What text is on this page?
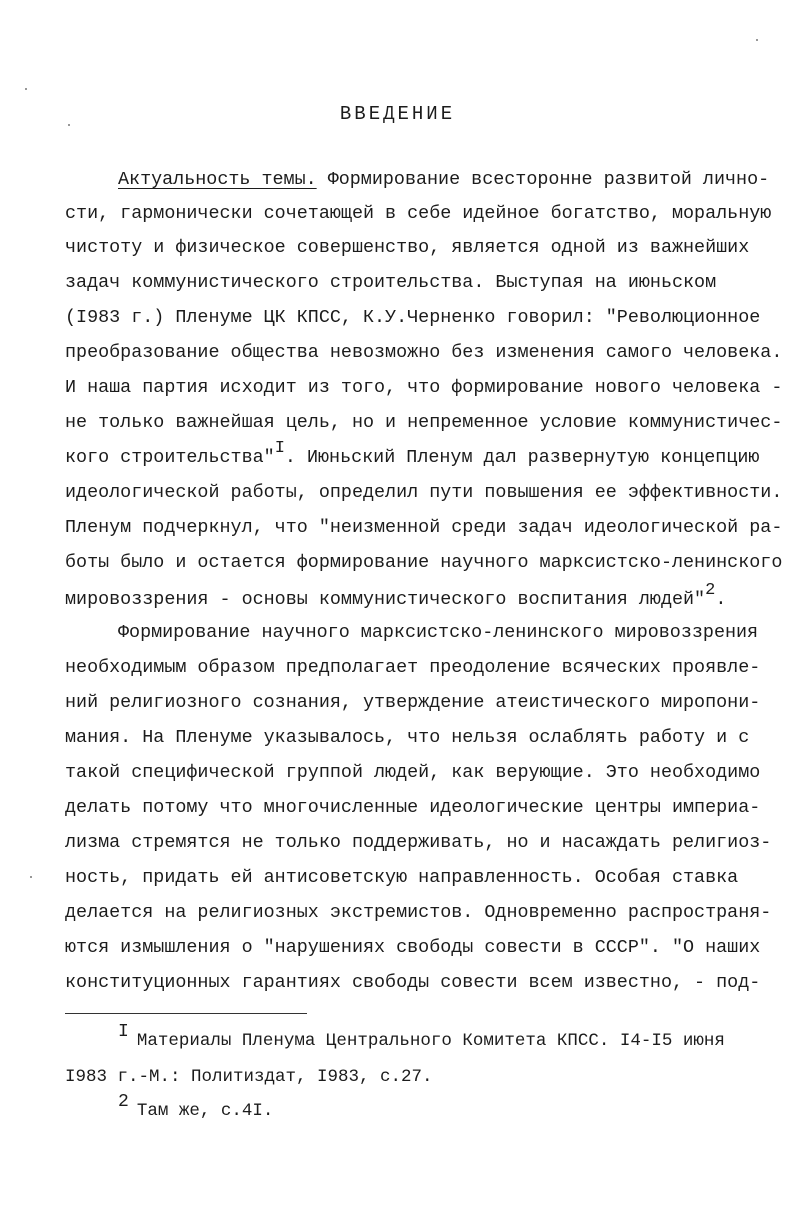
ВВЕДЕНИЕ
Актуальность темы. Формирование всесторонне развитой лично-
сти, гармонически сочетающей в себе идейное богатство, моральную
чистоту и физическое совершенство, является одной из важнейших
задач коммунистического строительства. Выступая на июньском
(I983 г.) Пленуме ЦК КПСС, К.У.Черненко говорил: "Революционное
преобразование общества невозможно без изменения самого человека.
И наша партия исходит из того, что формирование нового человека -
не только важнейшая цель, но и непременное условие коммунистичес-
кого строительства"$^I$. Июньский Пленум дал развернутую концепцию
идеологической работы, определил пути повышения ее эффективности.
Пленум подчеркнул, что "неизменной среди задач идеологической ра-
боты было и остается формирование научного марксистско-ленинского
мировоззрения - основы коммунистического воспитания людей"$^2$.
Формирование научного марксистско-ленинского мировоззрения
необходимым образом предполагает преодоление всяческих проявле-
ний религиозного сознания, утверждение атеистического миропони-
мания. На Пленуме указывалось, что нельзя ослаблять работу и с
такой специфической группой людей, как верующие. Это необходимо
делать потому что многочисленные идеологические центры империа-
лизма стремятся не только поддерживать, но и насаждать религиоз-
ность, придать ей антисоветскую направленность. Особая ставка
делается на религиозных экстремистов. Одновременно распространя-
ются измышления о "нарушениях свободы совести в СССР". "О наших
конституционных гарантиях свободы совести всем известно, - под-
I Материалы Пленума Центрального Комитета КПСС. I4-I5 июня
I983 г.-М.: Политиздат, I983, с.27.
2 Там же, с.4I.
